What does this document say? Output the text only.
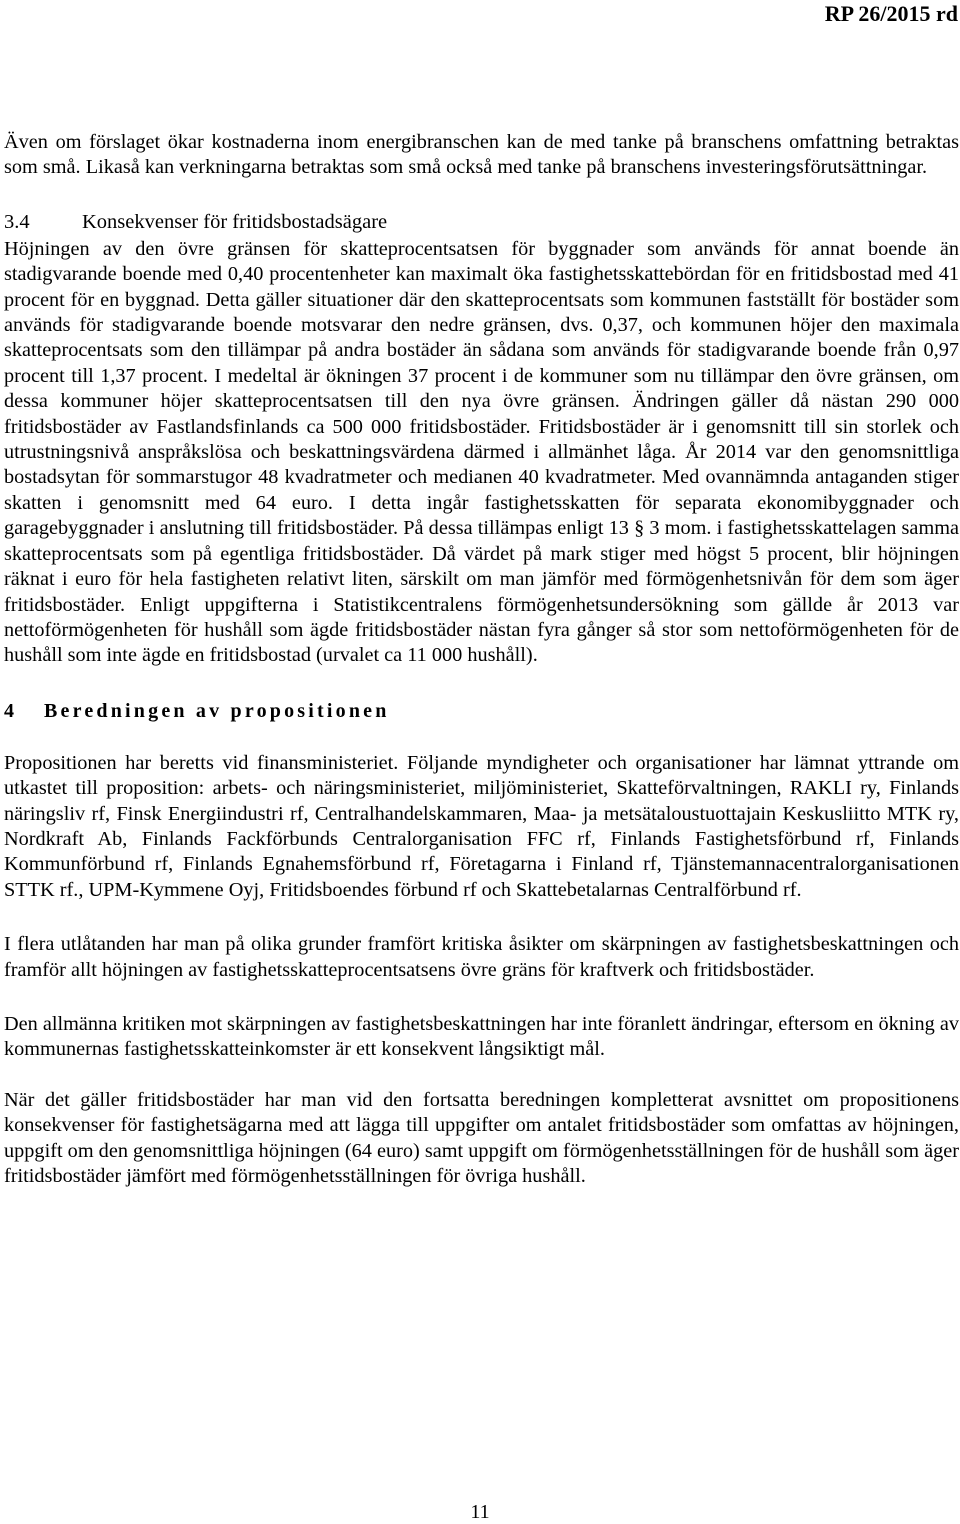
RP 26/2015 rd

Även om förslaget ökar kostnaderna inom energibranschen kan de med tanke på branschens omfattning betraktas som små. Likaså kan verkningarna betraktas som små också med tanke på branschens investeringsförutsättningar.

3.4	Konsekvenser för fritidsbostadsägare

Höjningen av den övre gränsen för skatteprocentsatsen för byggnader som används för annat boende än stadigvarande boende med 0,40 procentenheter kan maximalt öka fastighetsskattebördan för en fritidsbostad med 41 procent för en byggnad. Detta gäller situationer där den skatteprocentsats som kommunen fastställt för bostäder som används för stadigvarande boende motsvarar den nedre gränsen, dvs. 0,37, och kommunen höjer den maximala skatteprocentsats som den tillämpar på andra bostäder än sådana som används för stadigvarande boende från 0,97 procent till 1,37 procent. I medeltal är ökningen 37 procent i de kommuner som nu tillämpar den övre gränsen, om dessa kommuner höjer skatteprocentsatsen till den nya övre gränsen. Ändringen gäller då nästan 290 000 fritidsbostäder av Fastlandsfinlands ca 500 000 fritidsbostäder. Fritidsbostäder är i genomsnitt till sin storlek och utrustningsnivå anspråkslösa och beskattningsvärdena därmed i allmänhet låga. År 2014 var den genomsnittliga bostadsytan för sommarstugor 48 kvadratmeter och medianen 40 kvadratmeter. Med ovannämnda antaganden stiger skatten i genomsnitt med 64 euro. I detta ingår fastighetsskatten för separata ekonomibyggnader och garagebyggnader i anslutning till fritidsbostäder. På dessa tillämpas enligt 13 § 3 mom. i fastighetsskattelagen samma skatteprocentsats som på egentliga fritidsbostäder. Då värdet på mark stiger med högst 5 procent, blir höjningen räknat i euro för hela fastigheten relativt liten, särskilt om man jämför med förmögenhetsnivån för dem som äger fritidsbostäder. Enligt uppgifterna i Statistikcentralens förmögenhetsundersökning som gällde år 2013 var nettoförmögenheten för hushåll som ägde fritidsbostäder nästan fyra gånger så stor som nettoförmögenheten för de hushåll som inte ägde en fritidsbostad (urvalet ca 11 000 hushåll).

4 Beredningen av propositionen

Propositionen har beretts vid finansministeriet. Följande myndigheter och organisationer har lämnat yttrande om utkastet till proposition: arbets- och näringsministeriet, miljöministeriet, Skatteförvaltningen, RAKLI ry, Finlands näringsliv rf, Finsk Energiindustri rf, Centralhandelskammaren, Maa- ja metsätaloustuottajain Keskusliitto MTK ry, Nordkraft Ab, Finlands Fackförbunds Centralorganisation FFC rf, Finlands Fastighetsförbund rf, Finlands Kommunförbund rf, Finlands Egnahemsförbund rf, Företagarna i Finland rf, Tjänstemannacentralorganisationen STTK rf., UPM-Kymmene Oyj, Fritidsboendes förbund rf och Skattebetalarnas Centralförbund rf.

I flera utlåtanden har man på olika grunder framfört kritiska åsikter om skärpningen av fastighetsbeskattningen och framför allt höjningen av fastighetsskatteprocentsatsens övre gräns för kraftverk och fritidsbostäder.

Den allmänna kritiken mot skärpningen av fastighetsbeskattningen har inte föranlett ändringar, eftersom en ökning av kommunernas fastighetsskatteinkomster är ett konsekvent långsiktigt mål.

När det gäller fritidsbostäder har man vid den fortsatta beredningen kompletterat avsnittet om propositionens konsekvenser för fastighetsägarna med att lägga till uppgifter om antalet fritidsbostäder som omfattas av höjningen, uppgift om den genomsnittliga höjningen (64 euro) samt uppgift om förmögenhetsställningen för de hushåll som äger fritidsbostäder jämfört med förmögenhetsställningen för övriga hushåll.

11
